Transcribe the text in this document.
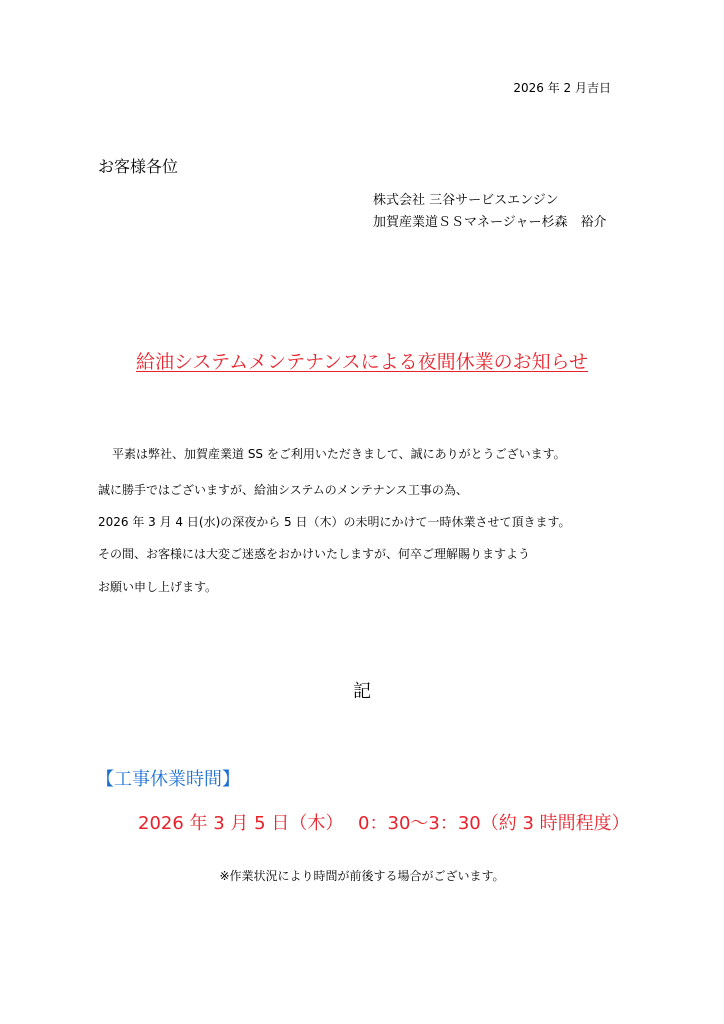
2026 年 2 月吉日
お客様各位
株式会社 三谷サービスエンジン
加賀産業道ＳＳマネージャー杉森　裕介
給油システムメンテナンスによる夜間休業のお知らせ
平素は弊社、加賀産業道 SS をご利用いただきまして、誠にありがとうございます。
誠に勝手ではございますが、給油システムのメンテナンス工事の為、
2026 年 3 月 4 日(水)の深夜から 5 日（木）の未明にかけて一時休業させて頂きます。
その間、お客様には大変ご迷惑をおかけいたしますが、何卒ご理解賜りますよう
お願い申し上げます。
記
【工事休業時間】
2026 年 3 月 5 日（木）　 0：30～3：30（約 3 時間程度）
※作業状況により時間が前後する場合がございます。
